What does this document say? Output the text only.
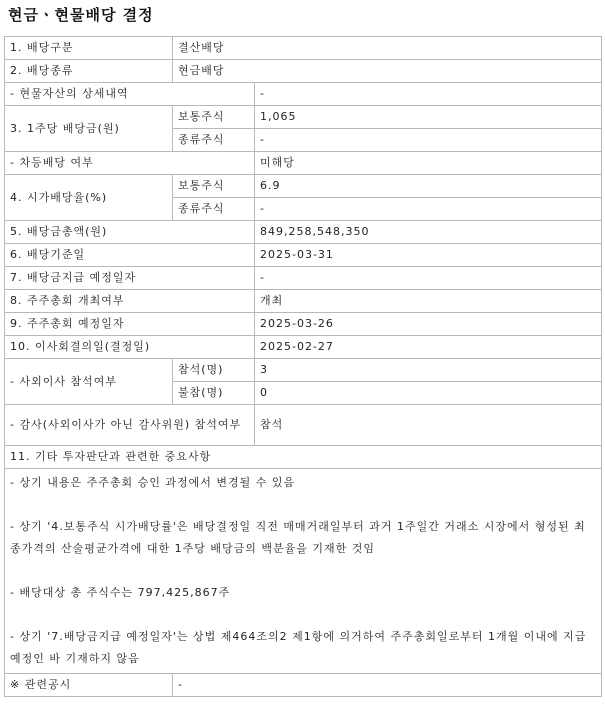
현금ㆍ현물배당 결정
1. 배당구분	결산배당	
2. 배당종류	현금배당	
- 현물자산의 상세내역		-
3. 1주당 배당금(원)	보통주식	1,065
	종류주식	-
- 차등배당 여부		미해당
4. 시가배당율(%)	보통주식	6.9
	종류주식	-
5. 배당금총액(원)		849,258,548,350
6. 배당기준일		2025-03-31
7. 배당금지급 예정일자		-
8. 주주총회 개최여부		개최
9. 주주총회 예정일자		2025-03-26
10. 이사회결의일(결정일)		2025-02-27
- 사외이사 참석여부	참석(명)	3
	불참(명)	0
- 감사(사외이사가 아닌 감사위원) 참석여부		참석
11. 기타 투자판단과 관련한 중요사항		

- 상기 내용은 주주총회 승인 과정에서 변경될 수 있음

- 상기 '4.보통주식 시가배당률'은 배당결정일 직전 매매거래일부터 과거 1주일간 거래소 시장에서 형성된 최종가격의 산술평균가격에 대한 1주당 배당금의 백분율을 기재한 것임

- 배당대상 총 주식수는 797,425,867주

- 상기 '7.배당금지급 예정일자'는 상법 제464조의2 제1항에 의거하여 주주총회일로부터 1개월 이내에 지급 예정인 바 기재하지 않음		

※ 관련공시	-	
